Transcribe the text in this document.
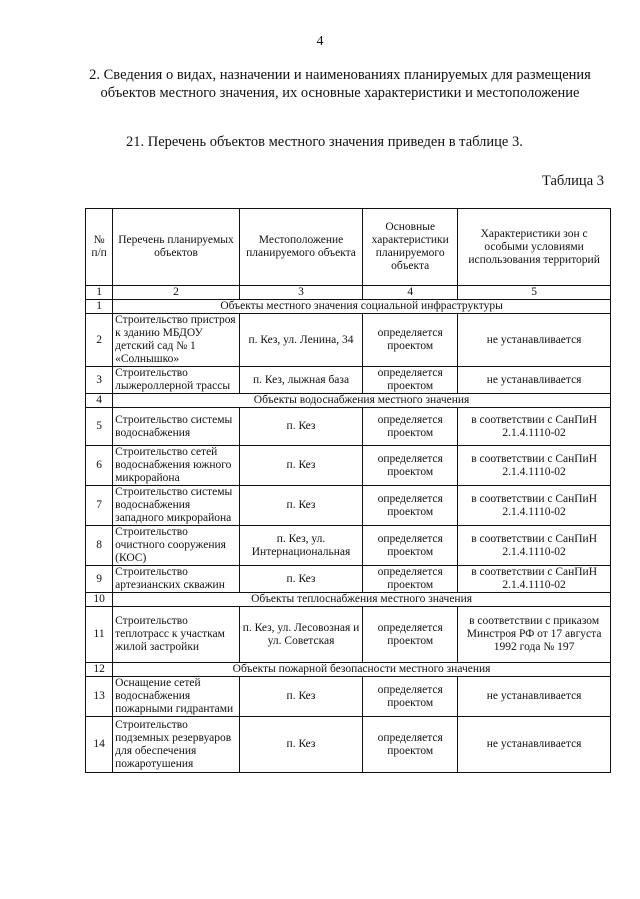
4
2. Сведения о видах, назначении и наименованиях планируемых для размещения объектов местного значения, их основные характеристики и местоположение
21. Перечень объектов местного значения приведен в таблице 3.
Таблица 3
№ п/п	Перечень планируемых объектов	Местоположение планируемого объекта	Основные характеристики планируемого объекта	Характеристики зон с особыми условиями использования территорий
1	2	3	4	5
1	Объекты местного значения социальной инфраструктуры			
2	Строительство пристроя к зданию МБДОУ детский сад № 1 «Солнышко»	п. Кез, ул. Ленина, 34	определяется проектом	не устанавливается
3	Строительство лыжероллерной трассы	п. Кез, лыжная база	определяется проектом	не устанавливается
4	Объекты водоснабжения местного значения			
5	Строительство системы водоснабжения	п. Кез	определяется проектом	в соответствии с СанПиН 2.1.4.1110-02
6	Строительство сетей водоснабжения южного микрорайона	п. Кез	определяется проектом	в соответствии с СанПиН 2.1.4.1110-02
7	Строительство системы водоснабжения западного микрорайона	п. Кез	определяется проектом	в соответствии с СанПиН 2.1.4.1110-02
8	Строительство очистного сооружения (КОС)	п. Кез, ул. Интернациональная	определяется проектом	в соответствии с СанПиН 2.1.4.1110-02
9	Строительство артезианских скважин	п. Кез	определяется проектом	в соответствии с СанПиН 2.1.4.1110-02
10	Объекты теплоснабжения местного значения			
11	Строительство теплотрасс к участкам жилой застройки	п. Кез, ул. Лесовозная и ул. Советская	определяется проектом	в соответствии с приказом Минстроя РФ от 17 августа 1992 года № 197
12	Объекты пожарной безопасности местного значения			
13	Оснащение сетей водоснабжения пожарными гидрантами	п. Кез	определяется проектом	не устанавливается
14	Строительство подземных резервуаров для обеспечения пожаротушения	п. Кез	определяется проектом	не устанавливается
